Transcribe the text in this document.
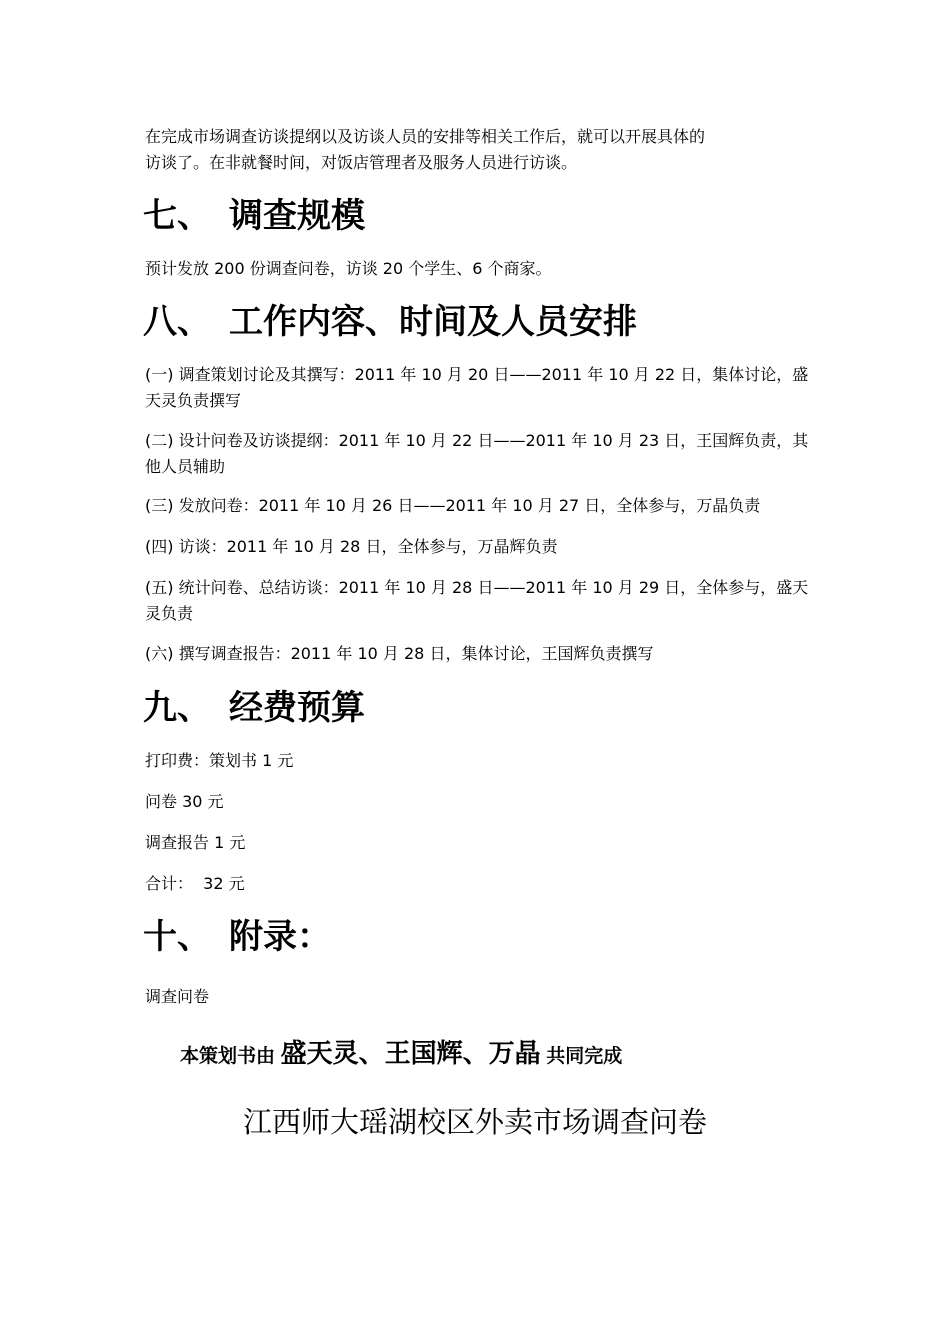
在完成市场调查访谈提纲以及访谈人员的安排等相关工作后，就可以开展具体的
访谈了。在非就餐时间，对饭店管理者及服务人员进行访谈。
七、 调查规模
预计发放 200 份调查问卷，访谈 20 个学生、6 个商家。
八、 工作内容、时间及人员安排
(一) 调查策划讨论及其撰写：2011 年 10 月 20 日——2011 年 10 月 22 日，集体讨论，盛天灵负责撰写
(二) 设计问卷及访谈提纲：2011 年 10 月 22 日——2011 年 10 月 23 日，王国辉负责，其他人员辅助
(三) 发放问卷：2011 年 10 月 26 日——2011 年 10 月 27 日，全体参与，万晶负责
(四) 访谈：2011 年 10 月 28 日，全体参与，万晶辉负责
(五) 统计问卷、总结访谈：2011 年 10 月 28 日——2011 年 10 月 29 日，全体参与，盛天灵负责
(六) 撰写调查报告：2011 年 10 月 28 日，集体讨论，王国辉负责撰写
九、 经费预算
打印费：策划书 1 元
问卷 30 元
调查报告 1 元
合计：  32 元
十、 附录：
调查问卷
本策划书由 盛天灵、王国辉、万晶 共同完成
江西师大瑶湖校区外卖市场调查问卷
